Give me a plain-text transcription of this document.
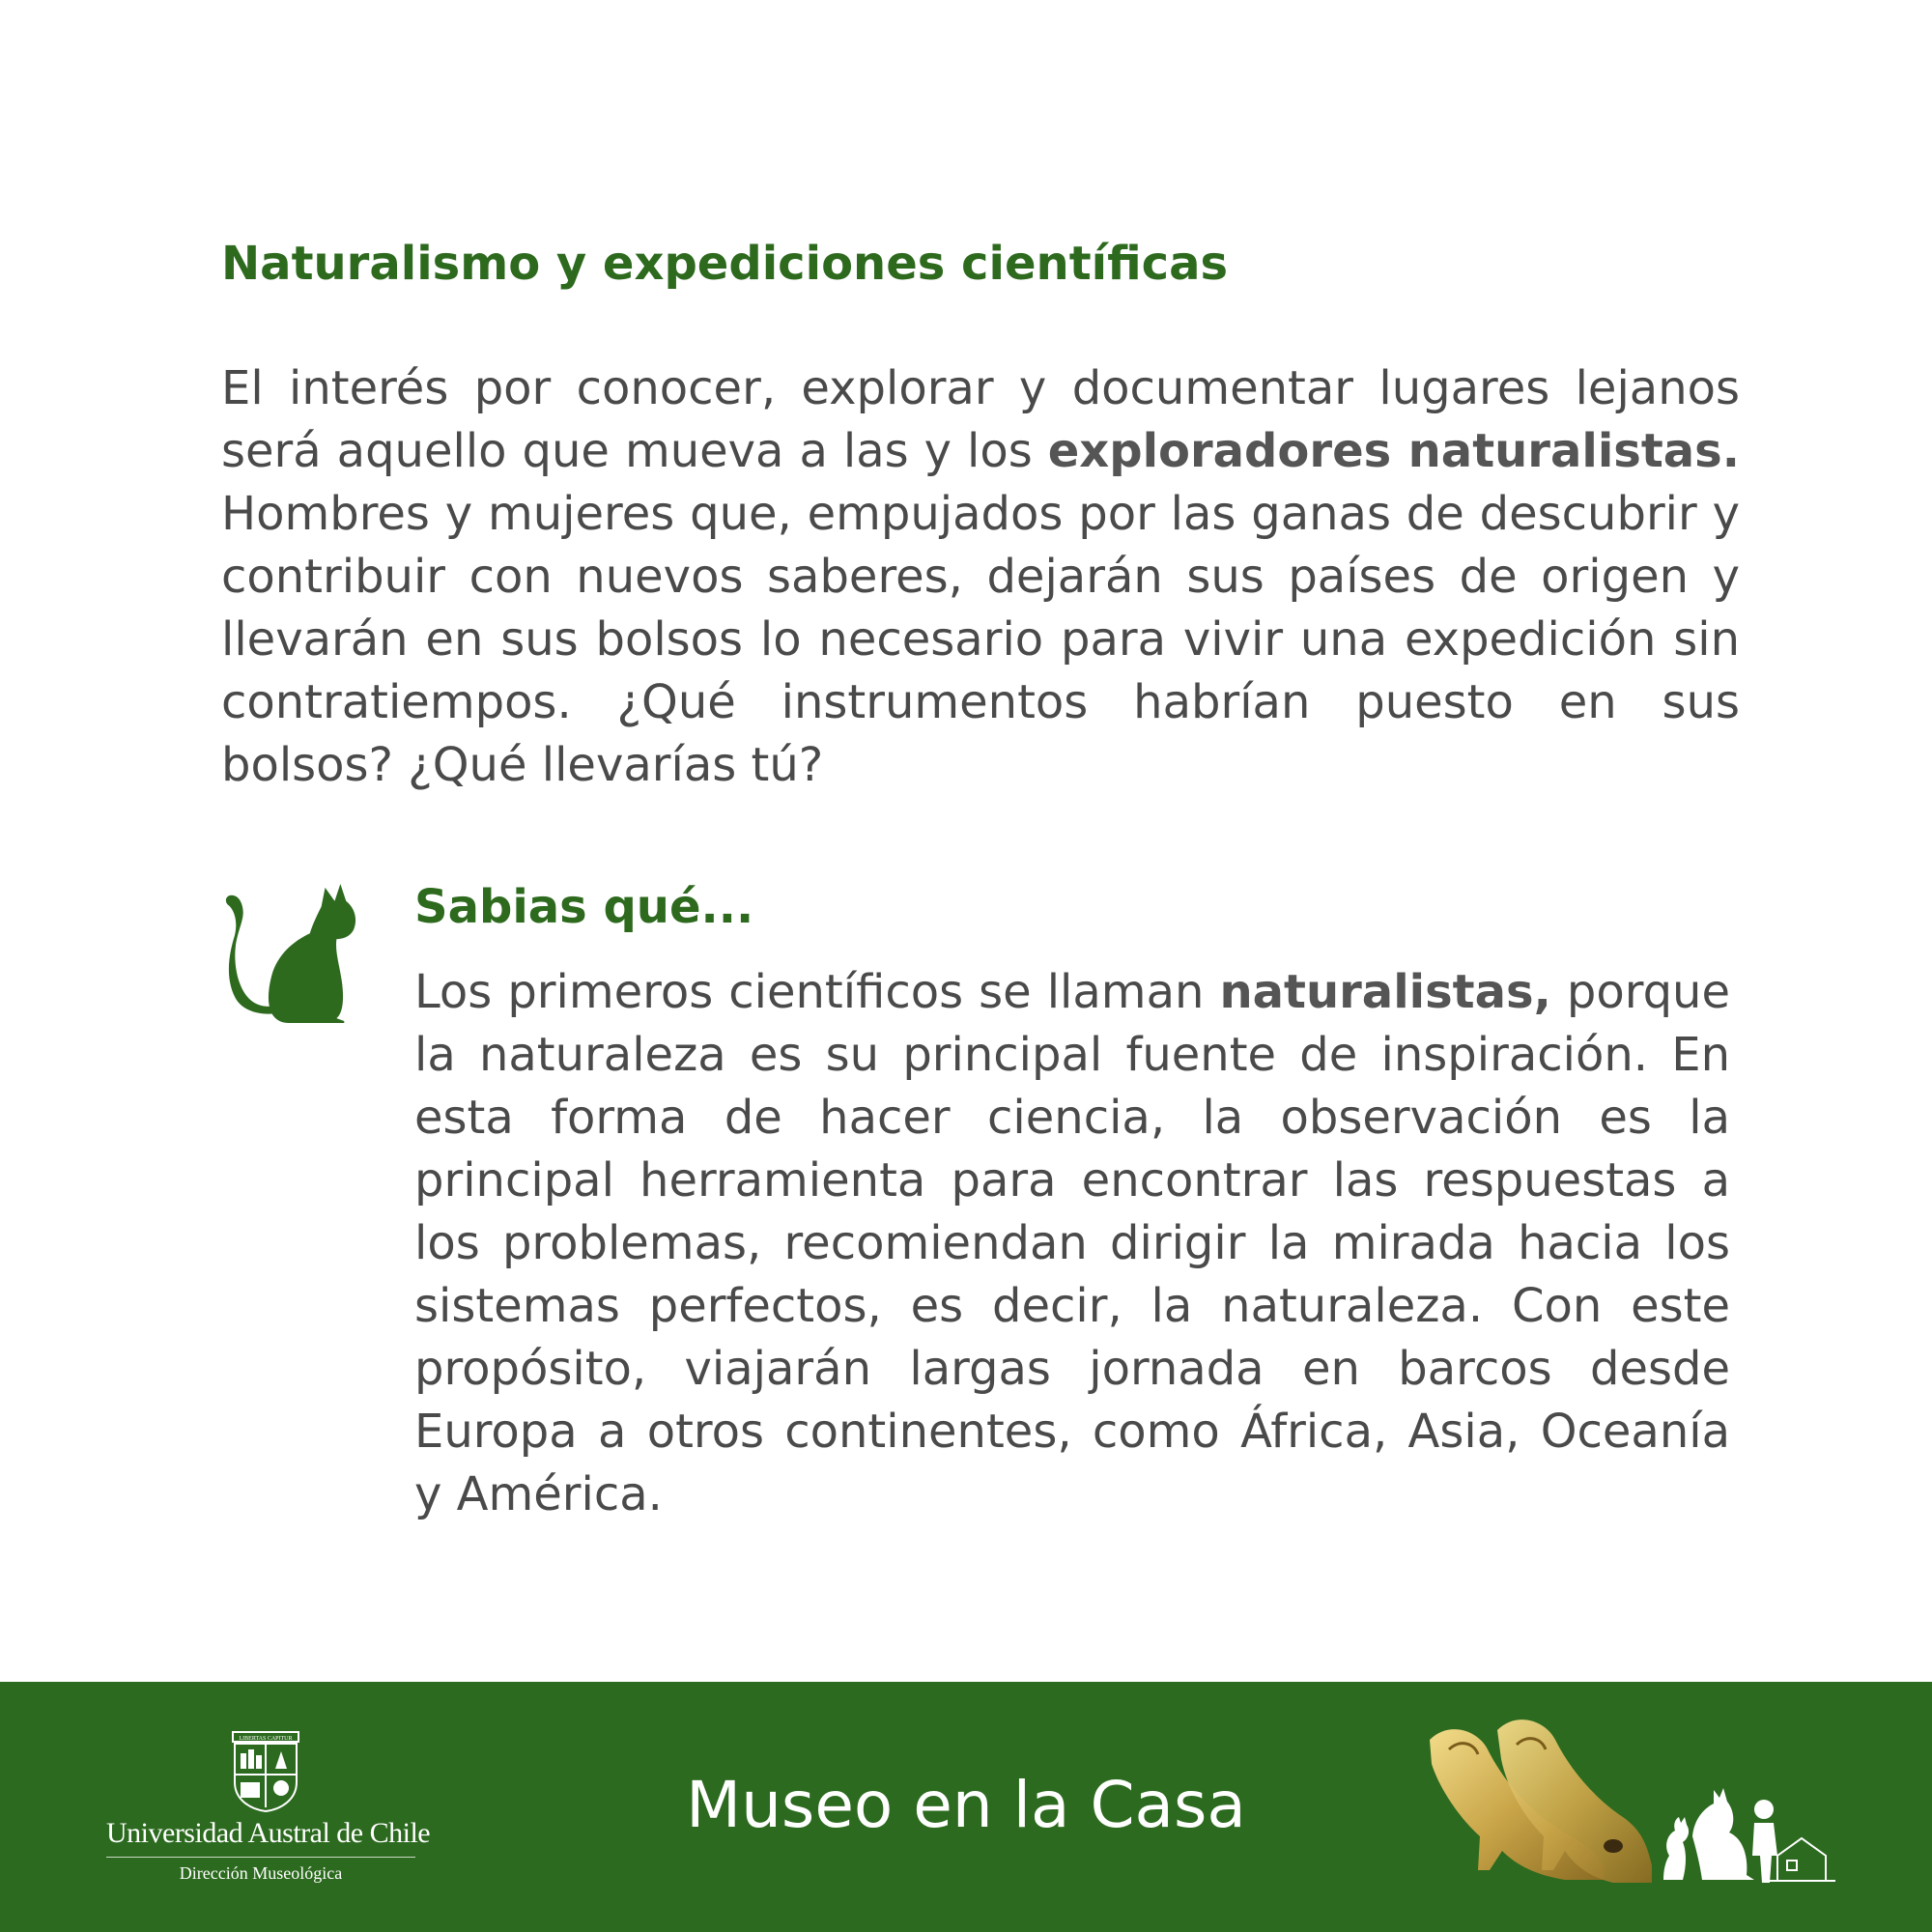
Naturalismo y expediciones científicas

El interés por conocer, explorar y documentar lugares lejanos será aquello que mueva a las y los exploradores naturalistas. Hombres y mujeres que, empujados por las ganas de descubrir y contribuir con nuevos saberes, dejarán sus países de origen y llevarán en sus bolsos lo necesario para vivir una expedición sin contratiempos. ¿Qué instrumentos habrían puesto en sus bolsos? ¿Qué llevarías tú?

Sabias qué...

Los primeros científicos se llaman naturalistas, porque la naturaleza es su principal fuente de inspiración. En esta forma de hacer ciencia, la observación es la principal herramienta para encontrar las respuestas a los problemas, recomiendan dirigir la mirada hacia los sistemas perfectos, es decir, la naturaleza. Con este propósito, viajarán largas jornada en barcos desde Europa a otros continentes, como África, Asia, Oceanía y América.

LIBERTAS CAPITUR
Universidad Austral de Chile
Dirección Museológica
Museo en la Casa
